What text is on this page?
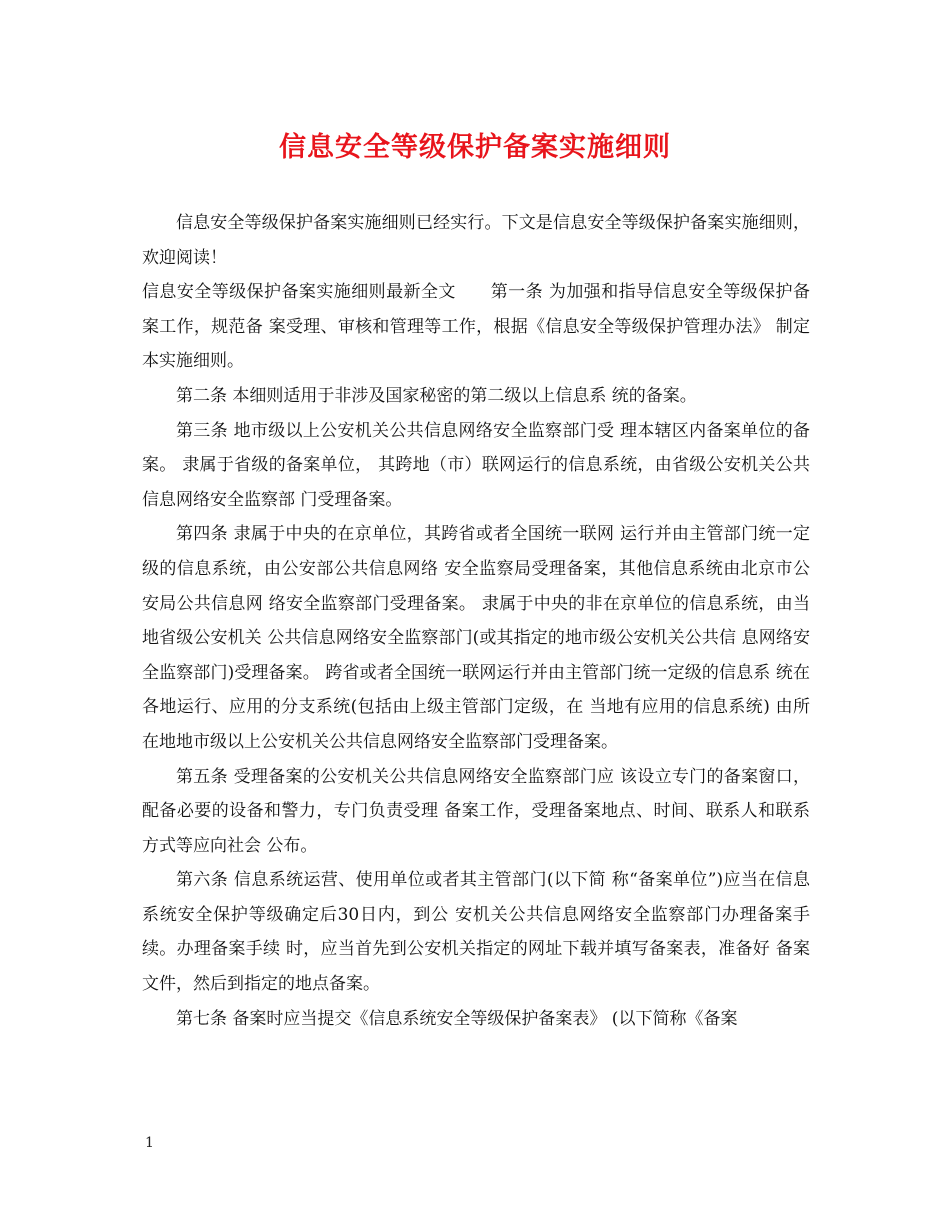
信息安全等级保护备案实施细则

信息安全等级保护备案实施细则已经实行。下文是信息安全等级保护备案实施细则，欢迎阅读！

信息安全等级保护备案实施细则最新全文　　第一条 为加强和指导信息安全等级保护备案工作，规范备 案受理、审核和管理等工作，根据《信息安全等级保护管理办法》 制定本实施细则。

第二条 本细则适用于非涉及国家秘密的第二级以上信息系 统的备案。

第三条 地市级以上公安机关公共信息网络安全监察部门受 理本辖区内备案单位的备案。 隶属于省级的备案单位， 其跨地（市）联网运行的信息系统，由省级公安机关公共信息网络安全监察部 门受理备案。

第四条 隶属于中央的在京单位，其跨省或者全国统一联网 运行并由主管部门统一定级的信息系统，由公安部公共信息网络 安全监察局受理备案，其他信息系统由北京市公安局公共信息网 络安全监察部门受理备案。 隶属于中央的非在京单位的信息系统，由当地省级公安机关 公共信息网络安全监察部门(或其指定的地市级公安机关公共信 息网络安全监察部门)受理备案。 跨省或者全国统一联网运行并由主管部门统一定级的信息系 统在各地运行、应用的分支系统(包括由上级主管部门定级，在 当地有应用的信息系统) 由所在地地市级以上公安机关公共信息网络安全监察部门受理备案。

第五条 受理备案的公安机关公共信息网络安全监察部门应 该设立专门的备案窗口，配备必要的设备和警力，专门负责受理 备案工作，受理备案地点、时间、联系人和联系方式等应向社会 公布。

第六条 信息系统运营、使用单位或者其主管部门(以下简 称“备案单位”)应当在信息系统安全保护等级确定后30日内，到公 安机关公共信息网络安全监察部门办理备案手续。办理备案手续 时，应当首先到公安机关指定的网址下载并填写备案表，准备好 备案文件，然后到指定的地点备案。

第七条 备案时应当提交《信息系统安全等级保护备案表》 (以下简称《备案

1
